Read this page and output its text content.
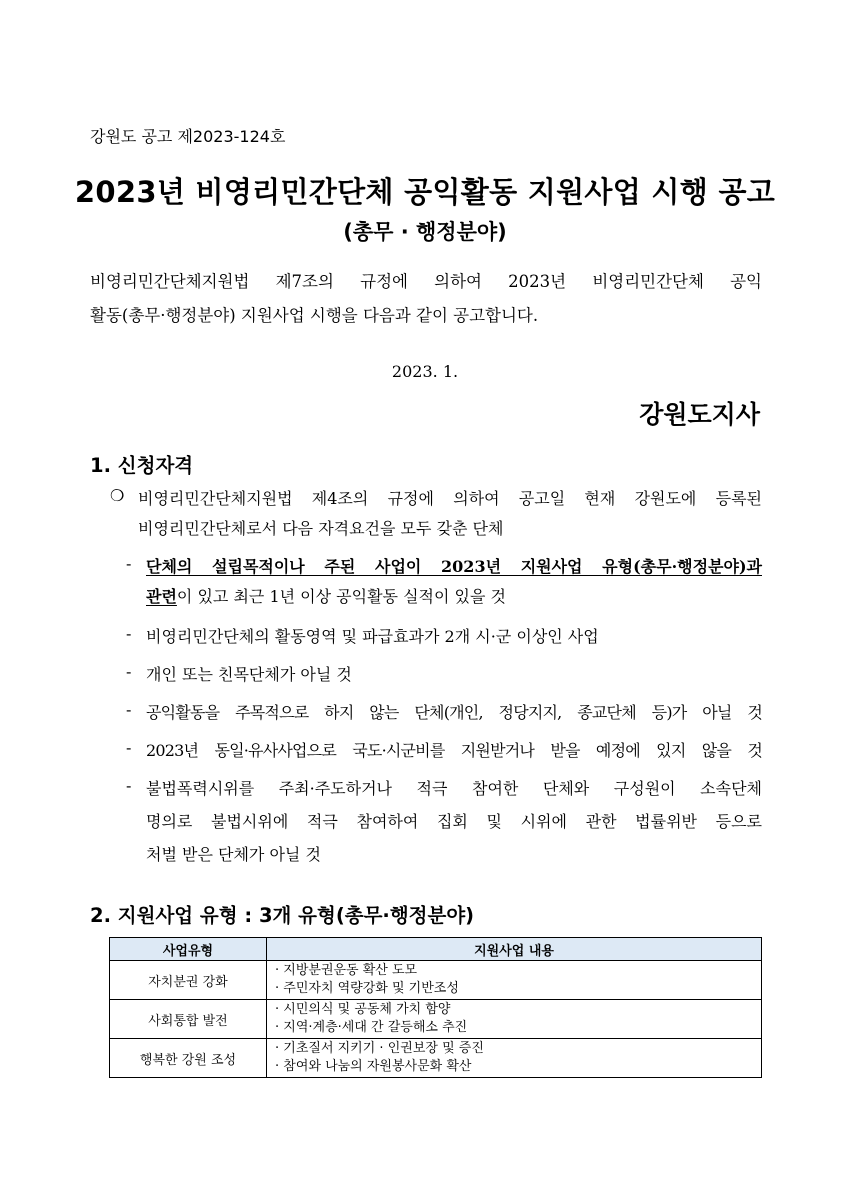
강원도 공고 제2023-124호
2023년 비영리민간단체 공익활동 지원사업 시행 공고
(총무 · 행정분야)
비영리민간단체지원법 제7조의 규정에 의하여 2023년 비영리민간단체 공익
활동(총무·행정분야) 지원사업 시행을 다음과 같이 공고합니다.
2023. 1.
강원도지사
1. 신청자격
❍ 비영리민간단체지원법 제4조의 규정에 의하여 공고일 현재 강원도에 등록된
비영리민간단체로서 다음 자격요건을 모두 갖춘 단체
- 단체의 설립목적이나 주된 사업이 2023년 지원사업 유형(총무·행정분야)과
관련이 있고 최근 1년 이상 공익활동 실적이 있을 것
- 비영리민간단체의 활동영역 및 파급효과가 2개 시·군 이상인 사업
- 개인 또는 친목단체가 아닐 것
- 공익활동을 주목적으로 하지 않는 단체(개인, 정당지지, 종교단체 등)가 아닐 것
- 2023년 동일·유사사업으로 국도·시군비를 지원받거나 받을 예정에 있지 않을 것
- 불법폭력시위를 주최·주도하거나 적극 참여한 단체와 구성원이 소속단체
명의로 불법시위에 적극 참여하여 집회 및 시위에 관한 법률위반 등으로
처벌 받은 단체가 아닐 것
2. 지원사업 유형 : 3개 유형(총무·행정분야)
사업유형	지원사업 내용
자치분권 강화	· 지방분권운동 확산 도모
· 주민자치 역량강화 및 기반조성

사회통합 발전	· 시민의식 및 공동체 가치 함양
· 지역·계층·세대 간 갈등해소 추진

행복한 강원 조성	· 기초질서 지키기 · 인권보장 및 증진
· 참여와 나눔의 자원봉사문화 확산
